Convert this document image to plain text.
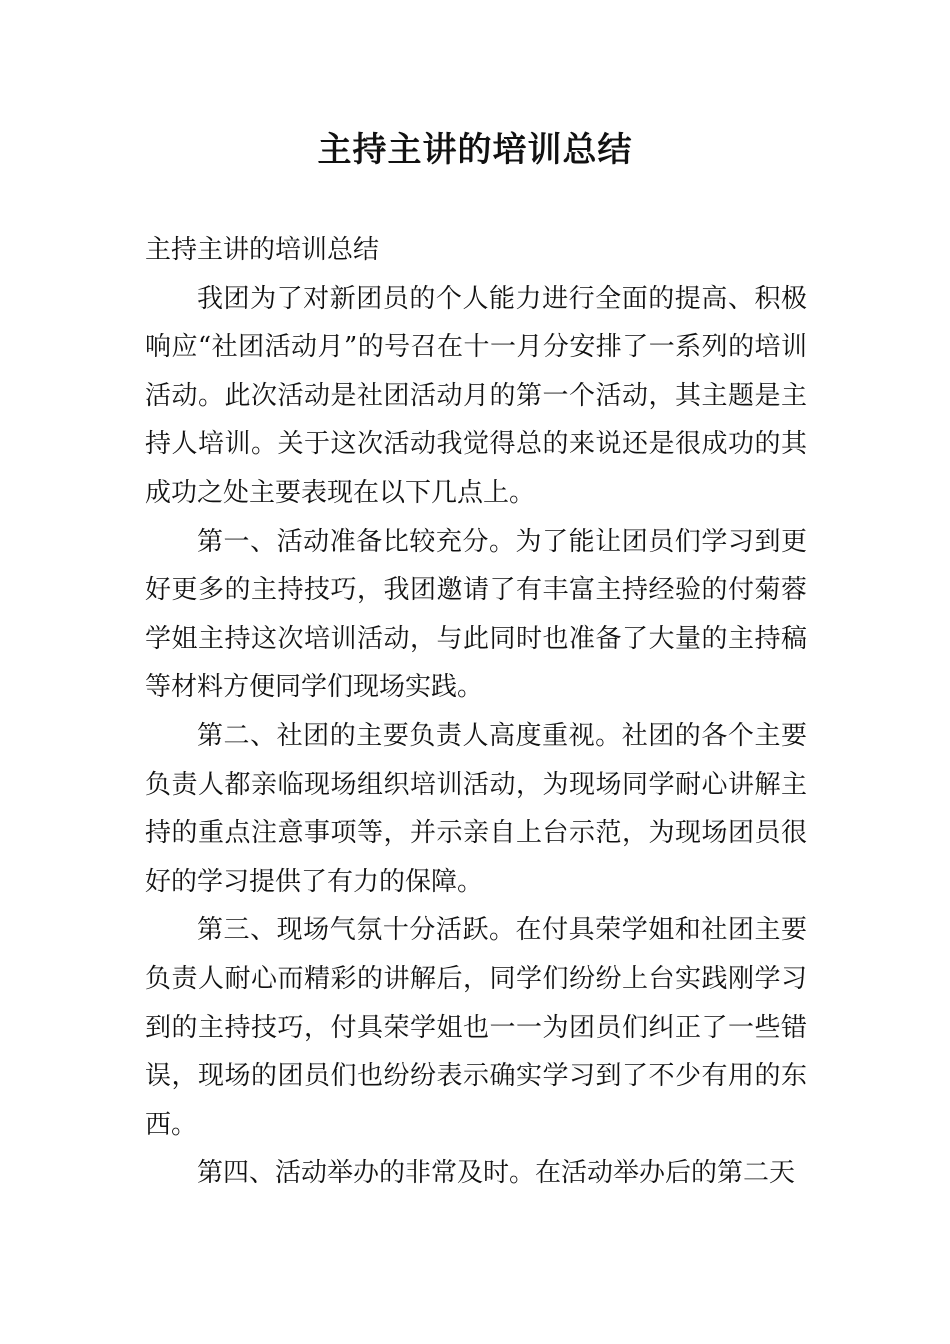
主持主讲的培训总结

主持主讲的培训总结

我团为了对新团员的个人能力进行全面的提高、积极响应“社团活动月”的号召在十一月分安排了一系列的培训活动。此次活动是社团活动月的第一个活动，其主题是主持人培训。关于这次活动我觉得总的来说还是很成功的其成功之处主要表现在以下几点上。

第一、活动准备比较充分。为了能让团员们学习到更好更多的主持技巧，我团邀请了有丰富主持经验的付菊蓉学姐主持这次培训活动，与此同时也准备了大量的主持稿等材料方便同学们现场实践。

第二、社团的主要负责人高度重视。社团的各个主要负责人都亲临现场组织培训活动，为现场同学耐心讲解主持的重点注意事项等，并示亲自上台示范，为现场团员很好的学习提供了有力的保障。

第三、现场气氛十分活跃。在付具荣学姐和社团主要负责人耐心而精彩的讲解后，同学们纷纷上台实践刚学习到的主持技巧，付具荣学姐也一一为团员们纠正了一些错误，现场的团员们也纷纷表示确实学习到了不少有用的东西。

第四、活动举办的非常及时。在活动举办后的第二天
